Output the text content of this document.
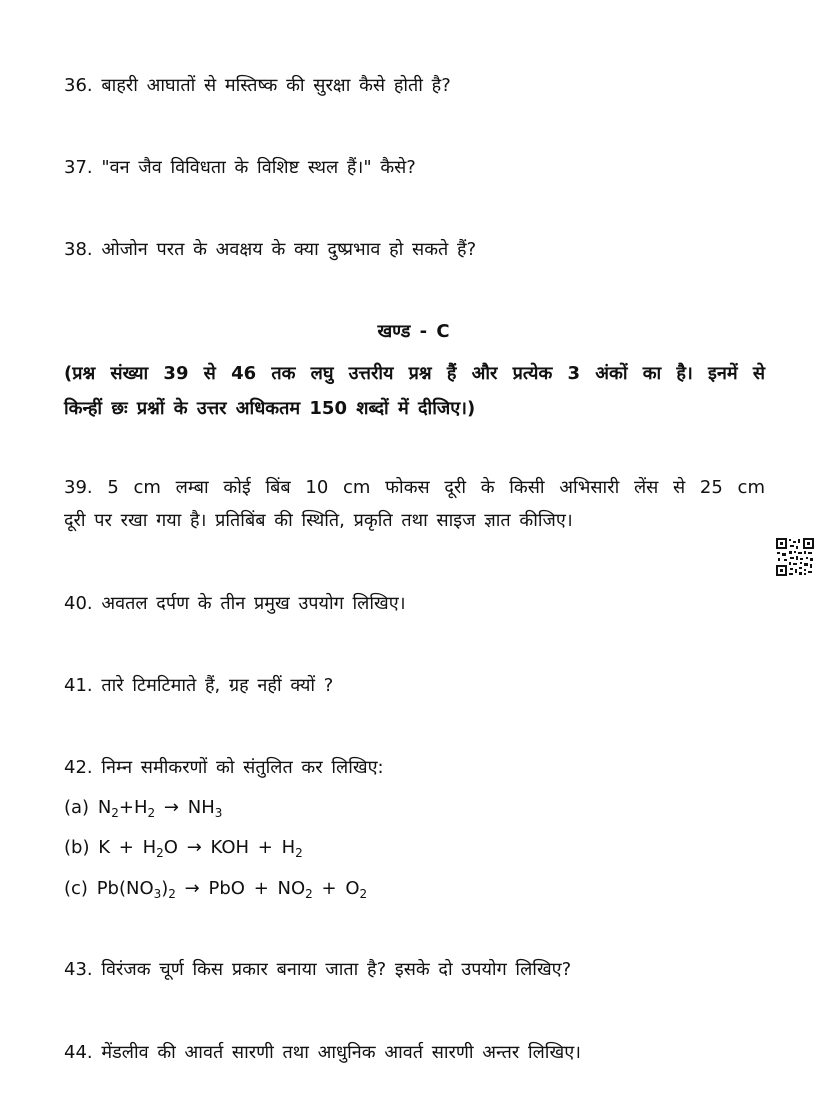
36. बाहरी आघातों से मस्तिष्क की सुरक्षा कैसे होती है?
37. "वन जैव विविधता के विशिष्ट स्थल हैं।" कैसे?
38. ओजोन परत के अवक्षय के क्या दुष्प्रभाव हो सकते हैं?
खण्ड - C
(प्रश्न संख्या 39 से 46 तक लघु उत्तरीय प्रश्न हैं और प्रत्येक 3 अंकों का है। इनमें से
किन्हीं छः प्रश्नों के उत्तर अधिकतम 150 शब्दों में दीजिए।)
39. 5 cm लम्बा कोई बिंब 10 cm फोकस दूरी के किसी अभिसारी लेंस से 25 cm
दूरी पर रखा गया है। प्रतिबिंब की स्थिति, प्रकृति तथा साइज ज्ञात कीजिए।
40. अवतल दर्पण के तीन प्रमुख उपयोग लिखिए।
41. तारे टिमटिमाते हैं, ग्रह नहीं क्यों ?
42. निम्न समीकरणों को संतुलित कर लिखिए:
(a) $N_2+H_2 \to NH_3$
(b) $K + H_2O$ → KOH + $H_2$
(c) $Pb(NO_3)_2$ → PbO + $NO_2 + O_2$
43. विरंजक चूर्ण किस प्रकार बनाया जाता है? इसके दो उपयोग लिखिए?
44. मेंडलीव की आवर्त सारणी तथा आधुनिक आवर्त सारणी अन्तर लिखिए।
